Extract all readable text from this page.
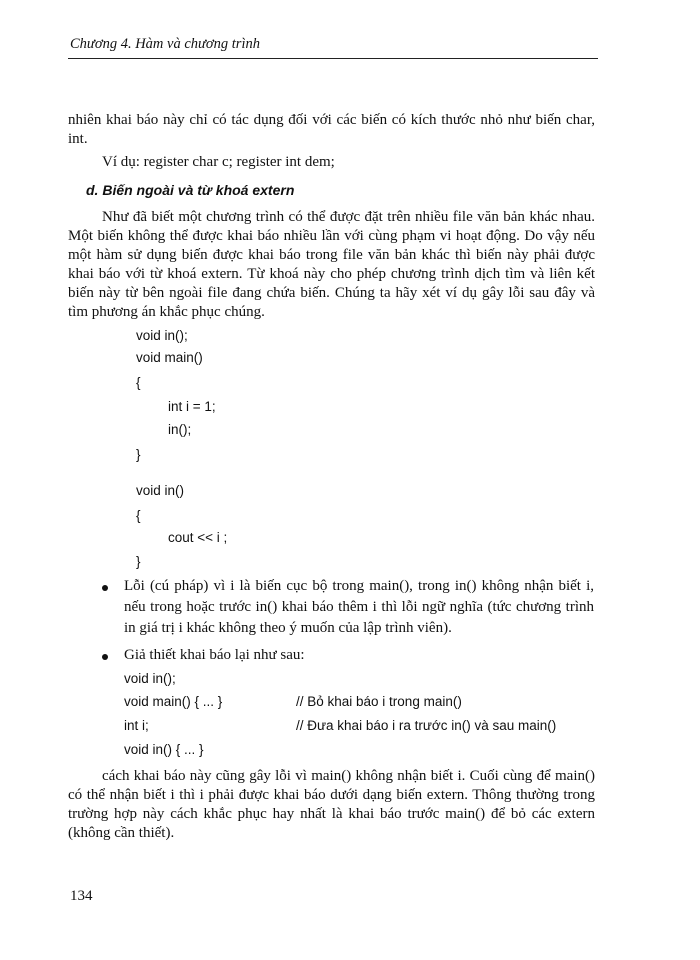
Chương 4. Hàm và chương trình
nhiên khai báo này chỉ có tác dụng đối với các biến có kích thước nhỏ như biến char, int.
Ví dụ: register char c; register int dem;
d. Biến ngoài và từ khoá extern
Như đã biết một chương trình có thể được đặt trên nhiều file văn bản khác nhau. Một biến không thể được khai báo nhiều lần với cùng phạm vi hoạt động. Do vậy nếu một hàm sử dụng biến được khai báo trong file văn bản khác thì biến này phải được khai báo với từ khoá extern. Từ khoá này cho phép chương trình dịch tìm và liên kết biến này từ bên ngoài file đang chứa biến. Chúng ta hãy xét ví dụ gây lỗi sau đây và tìm phương án khắc phục chúng.
void in();
void main()
{
int i = 1;
in();
}
void in()
{
cout << i ;
}
Lỗi (cú pháp) vì i là biến cục bộ trong main(), trong in() không nhận biết i, nếu trong hoặc trước in() khai báo thêm i thì lỗi ngữ nghĩa (tức chương trình in giá trị i khác không theo ý muốn của lập trình viên).
Giả thiết khai báo lại như sau:
void in();
void main() { ... }	// Bỏ khai báo i trong main()
int i;	// Đưa khai báo i ra trước in() và sau main()
void in() { ... }
cách khai báo này cũng gây lỗi vì main() không nhận biết i. Cuối cùng để main() có thể nhận biết i thì i phải được khai báo dưới dạng biến extern. Thông thường trong trường hợp này cách khắc phục hay nhất là khai báo trước main() để bỏ các extern (không cần thiết).
134
